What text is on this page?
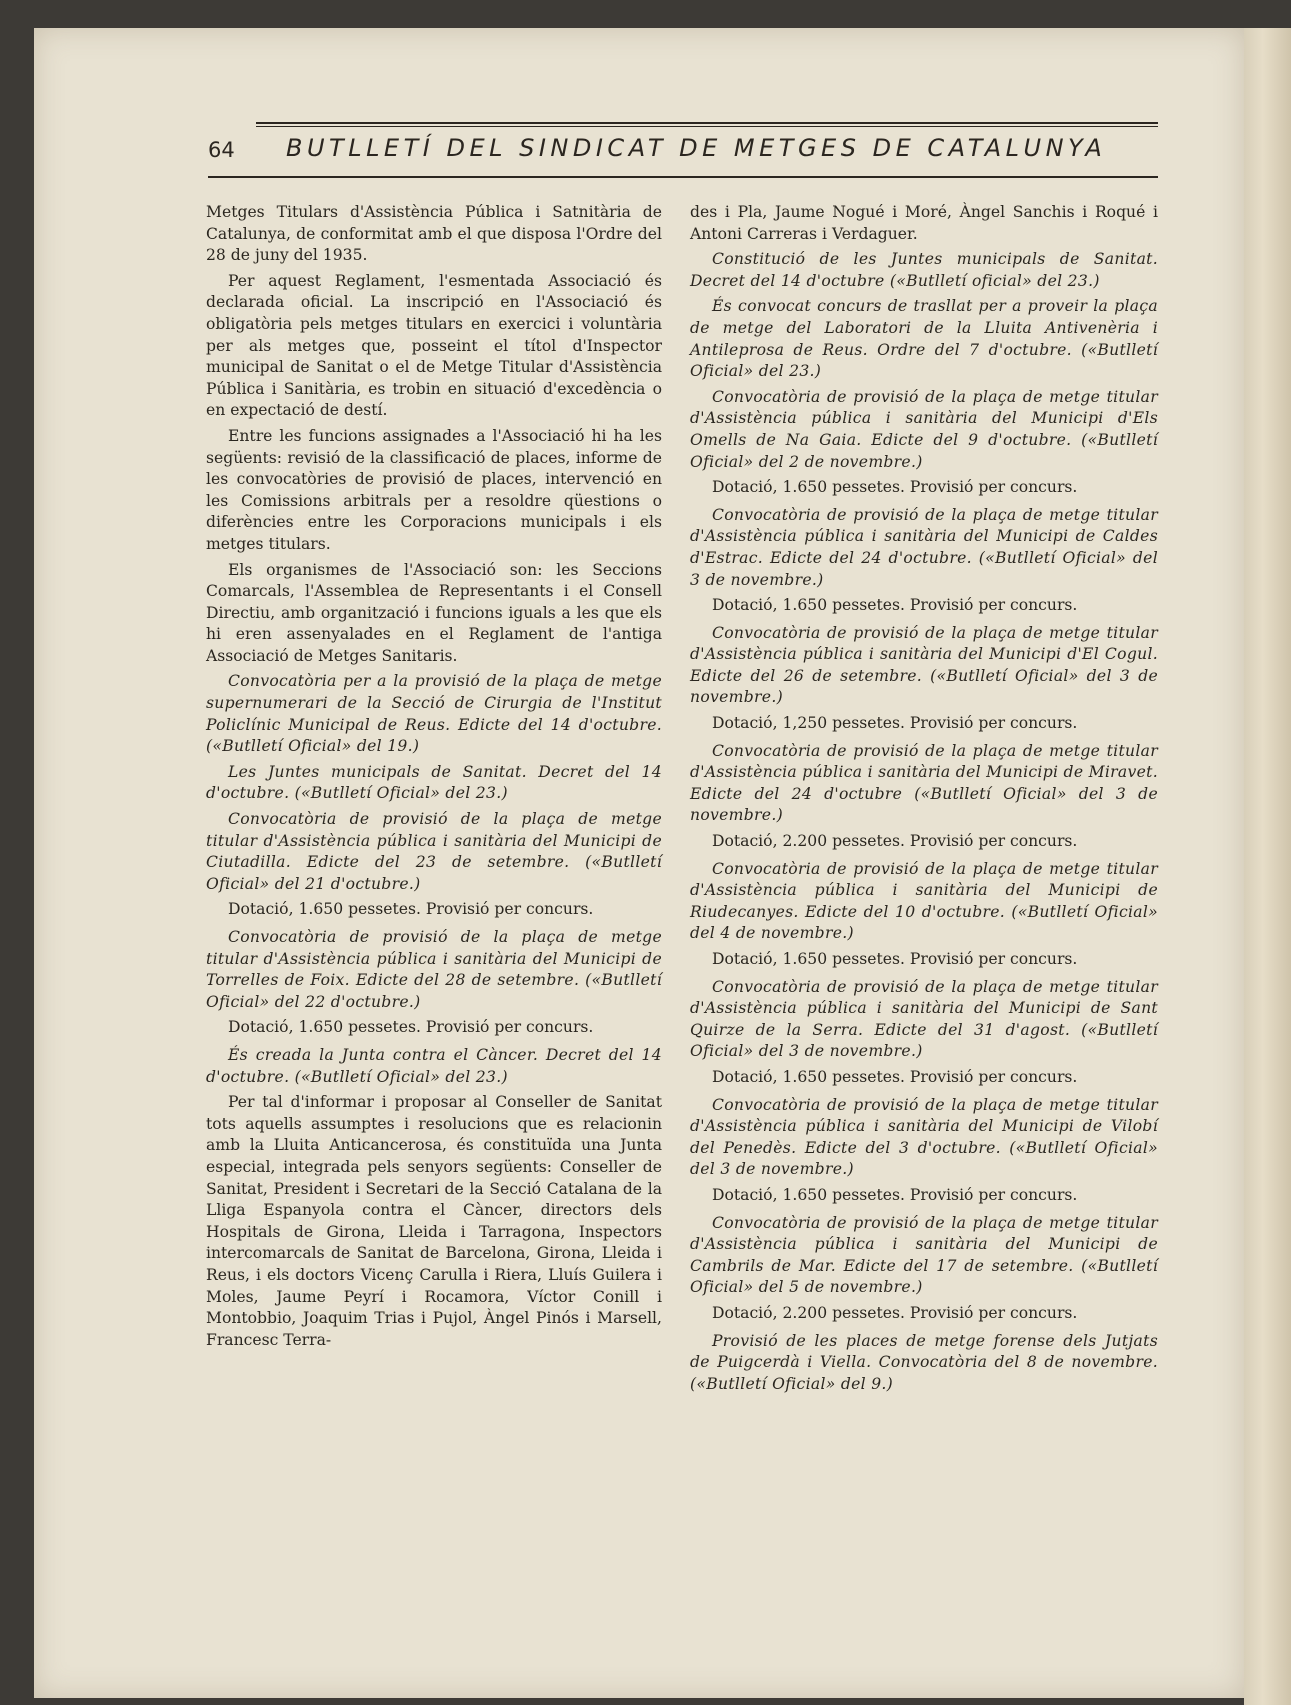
64 BUTLLETÍ DEL SINDICAT DE METGES DE CATALUNYA

Metges Titulars d'Assistència Pública i Satnitària de Catalunya, de conformitat amb el que disposa l'Ordre del 28 de juny del 1935.

Per aquest Reglament, l'esmentada Associació és declarada oficial. La inscripció en l'Associació és obligatòria pels metges titulars en exercici i voluntària per als metges que, posseint el títol d'Inspector municipal de Sanitat o el de Metge Titular d'Assistència Pública i Sanitària, es trobin en situació d'excedència o en expectació de destí.

Entre les funcions assignades a l'Associació hi ha les següents: revisió de la classificació de places, informe de les convocatòries de provisió de places, intervenció en les Comissions arbitrals per a resoldre qüestions o diferències entre les Corporacions municipals i els metges titulars.

Els organismes de l'Associació son: les Seccions Comarcals, l'Assemblea de Representants i el Consell Directiu, amb organització i funcions iguals a les que els hi eren assenyalades en el Reglament de l'antiga Associació de Metges Sanitaris.

Convocatòria per a la provisió de la plaça de metge supernumerari de la Secció de Cirurgia de l'Institut Policlínic Municipal de Reus. Edicte del 14 d'octubre. («Butlletí Oficial» del 19.)

Les Juntes municipals de Sanitat. Decret del 14 d'octubre. («Butlletí Oficial» del 23.)

Convocatòria de provisió de la plaça de metge titular d'Assistència pública i sanitària del Municipi de Ciutadilla. Edicte del 23 de setembre. («Butlletí Oficial» del 21 d'octubre.)

Dotació, 1.650 pessetes. Provisió per concurs.

Convocatòria de provisió de la plaça de metge titular d'Assistència pública i sanitària del Municipi de Torrelles de Foix. Edicte del 28 de setembre. («Butlletí Oficial» del 22 d'octubre.)

Dotació, 1.650 pessetes. Provisió per concurs.

És creada la Junta contra el Càncer. Decret del 14 d'octubre. («Butlletí Oficial» del 23.)

Per tal d'informar i proposar al Conseller de Sanitat tots aquells assumptes i resolucions que es relacionin amb la Lluita Anticancerosa, és constituïda una Junta especial, integrada pels senyors següents: Conseller de Sanitat, President i Secretari de la Secció Catalana de la Lliga Espanyola contra el Càncer, directors dels Hospitals de Girona, Lleida i Tarragona, Inspectors intercomarcals de Sanitat de Barcelona, Girona, Lleida i Reus, i els doctors Vicenç Carulla i Riera, Lluís Guilera i Moles, Jaume Peyrí i Rocamora, Víctor Conill i Montobbio, Joaquim Trias i Pujol, Àngel Pinós i Marsell, Francesc Terra-

des i Pla, Jaume Nogué i Moré, Àngel Sanchis i Roqué i Antoni Carreras i Verdaguer.

Constitució de les Juntes municipals de Sanitat. Decret del 14 d'octubre («Butlletí oficial» del 23.)

És convocat concurs de trasllat per a proveir la plaça de metge del Laboratori de la Lluita Antivenèria i Antileprosa de Reus. Ordre del 7 d'octubre. («Butlletí Oficial» del 23.)

Convocatòria de provisió de la plaça de metge titular d'Assistència pública i sanitària del Municipi d'Els Omells de Na Gaia. Edicte del 9 d'octubre. («Butlletí Oficial» del 2 de novembre.)

Dotació, 1.650 pessetes. Provisió per concurs.

Convocatòria de provisió de la plaça de metge titular d'Assistència pública i sanitària del Municipi de Caldes d'Estrac. Edicte del 24 d'octubre. («Butlletí Oficial» del 3 de novembre.)

Dotació, 1.650 pessetes. Provisió per concurs.

Convocatòria de provisió de la plaça de metge titular d'Assistència pública i sanitària del Municipi d'El Cogul. Edicte del 26 de setembre. («Butlletí Oficial» del 3 de novembre.)

Dotació, 1,250 pessetes. Provisió per concurs.

Convocatòria de provisió de la plaça de metge titular d'Assistència pública i sanitària del Municipi de Miravet. Edicte del 24 d'octubre («Butlletí Oficial» del 3 de novembre.)

Dotació, 2.200 pessetes. Provisió per concurs.

Convocatòria de provisió de la plaça de metge titular d'Assistència pública i sanitària del Municipi de Riudecanyes. Edicte del 10 d'octubre. («Butlletí Oficial» del 4 de novembre.)

Dotació, 1.650 pessetes. Provisió per concurs.

Convocatòria de provisió de la plaça de metge titular d'Assistència pública i sanitària del Municipi de Sant Quirze de la Serra. Edicte del 31 d'agost. («Butlletí Oficial» del 3 de novembre.)

Dotació, 1.650 pessetes. Provisió per concurs.

Convocatòria de provisió de la plaça de metge titular d'Assistència pública i sanitària del Municipi de Vilobí del Penedès. Edicte del 3 d'octubre. («Butlletí Oficial» del 3 de novembre.)

Dotació, 1.650 pessetes. Provisió per concurs.

Convocatòria de provisió de la plaça de metge titular d'Assistència pública i sanitària del Municipi de Cambrils de Mar. Edicte del 17 de setembre. («Butlletí Oficial» del 5 de novembre.)

Dotació, 2.200 pessetes. Provisió per concurs.

Provisió de les places de metge forense dels Jutjats de Puigcerdà i Viella. Convocatòria del 8 de novembre. («Butlletí Oficial» del 9.)
